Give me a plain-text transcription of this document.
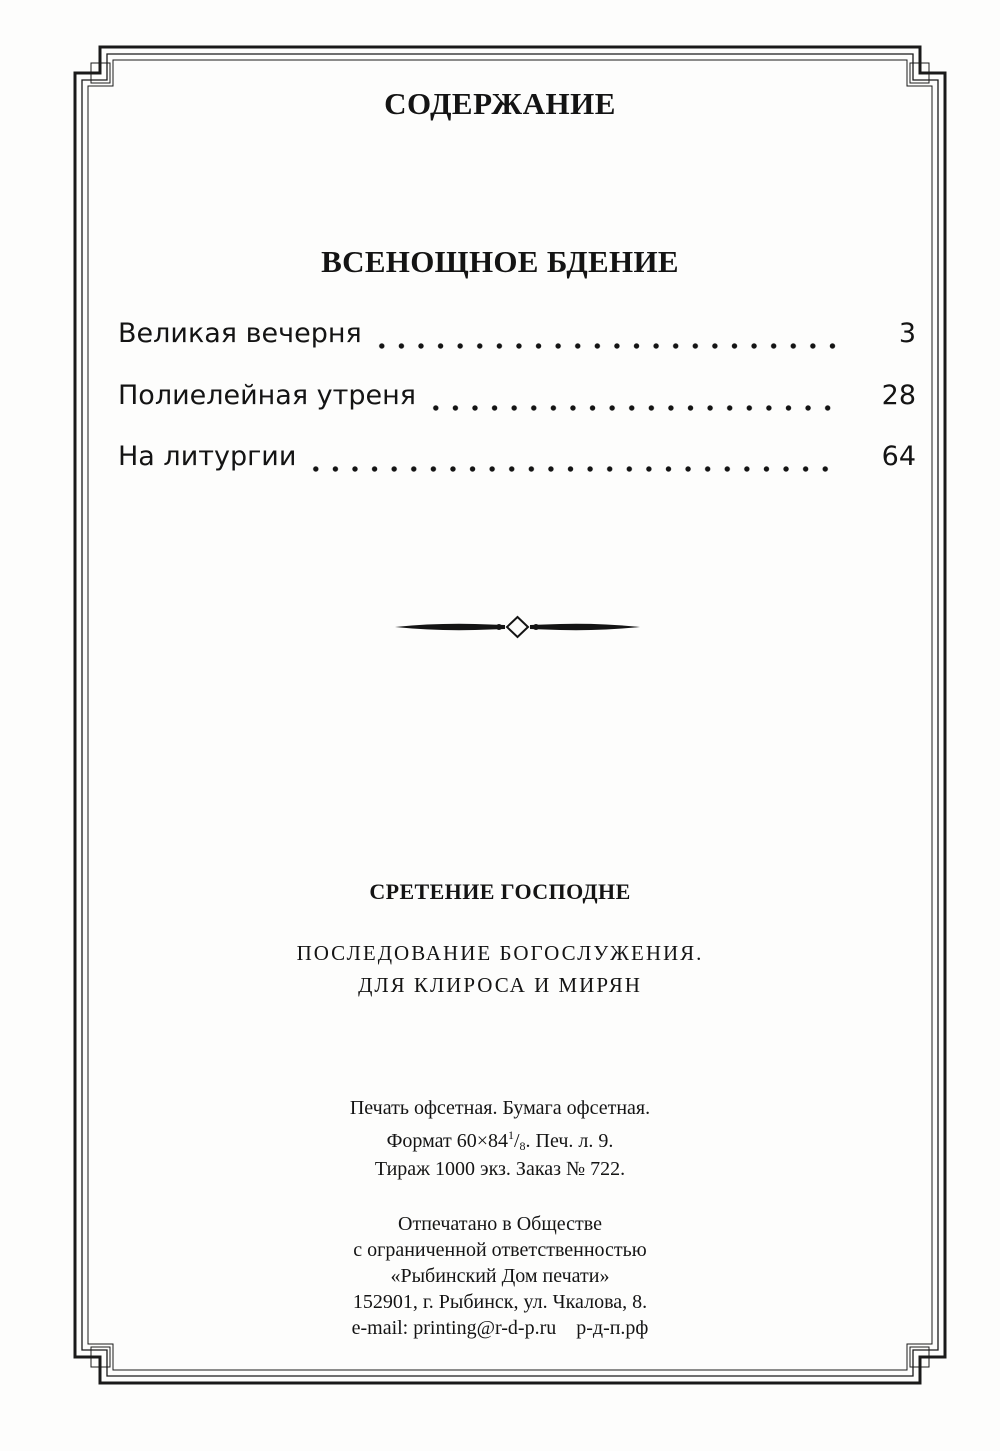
СОДЕРЖАНИЕ
ВСЕНОЩНОЕ БДЕНИЕ
Великая вечерня	3
Полиелейная утреня	28
На литургии	64

СРЕТЕНИЕ ГОСПОДНЕ

ПОСЛЕДОВАНИЕ БОГОСЛУЖЕНИЯ.

ДЛЯ КЛИРОСА И МИРЯН

Печать офсетная. Бумага офсетная.

Формат $60\times 84^1/_8$. Печ. л. 9.

Тираж 1000 экз. Заказ № 722.

Отпечатано в Обществе

с ограниченной ответственностью

«Рыбинский Дом печати»

152901, г. Рыбинск, ул. Чкалова, 8.

e-mail: printing@r-d-p.ru р-д-п.рф
